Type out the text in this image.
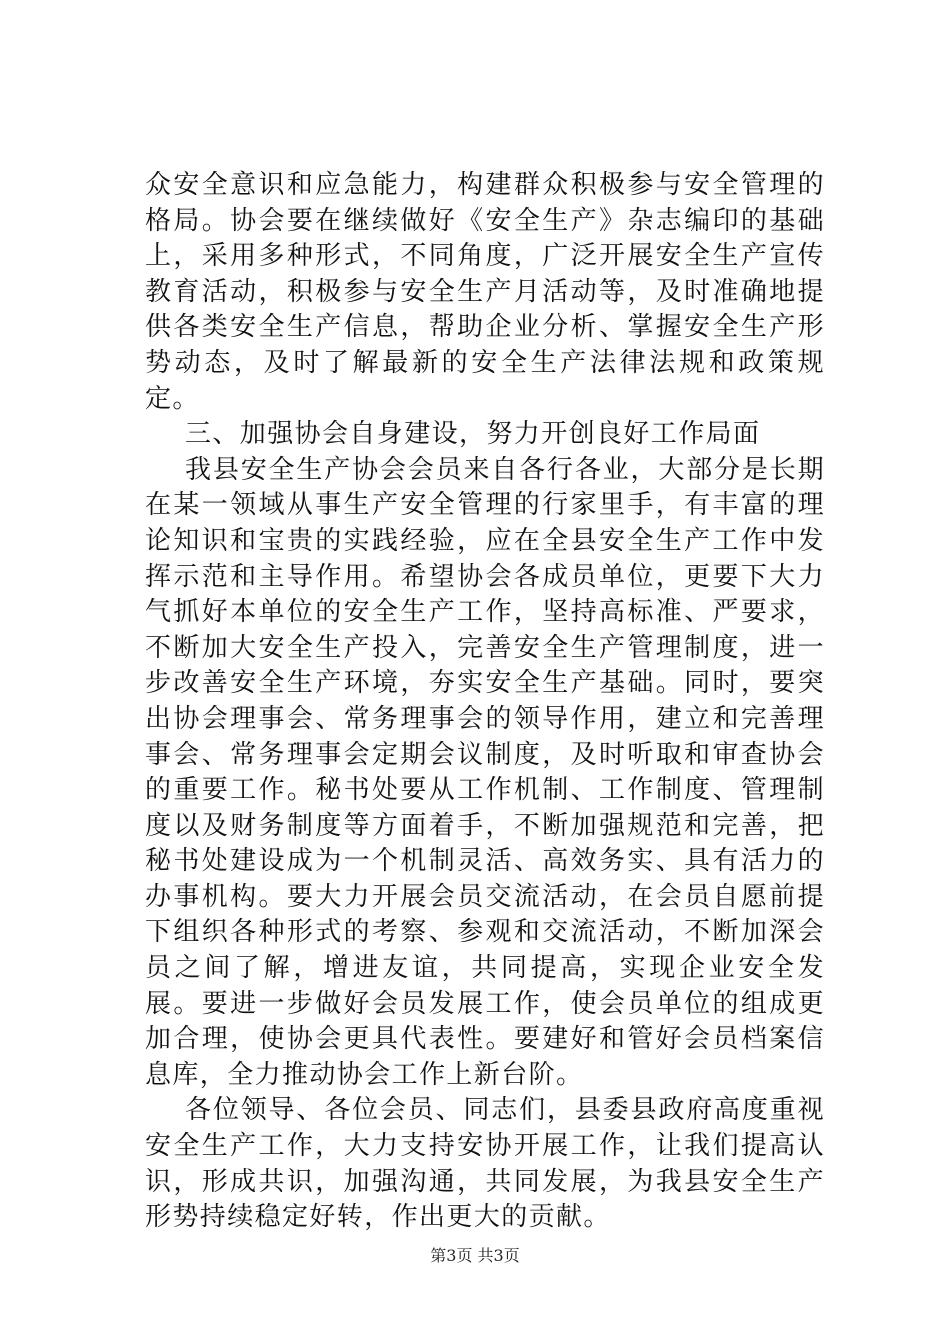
众安全意识和应急能力，构建群众积极参与安全管理的格局。协会要在继续做好《安全生产》杂志编印的基础上，采用多种形式，不同角度，广泛开展安全生产宣传教育活动，积极参与安全生产月活动等，及时准确地提供各类安全生产信息，帮助企业分析、掌握安全生产形势动态，及时了解最新的安全生产法律法规和政策规定。

三、加强协会自身建设，努力开创良好工作局面

我县安全生产协会会员来自各行各业，大部分是长期在某一领域从事生产安全管理的行家里手，有丰富的理论知识和宝贵的实践经验，应在全县安全生产工作中发挥示范和主导作用。希望协会各成员单位，更要下大力气抓好本单位的安全生产工作，坚持高标准、严要求，不断加大安全生产投入，完善安全生产管理制度，进一步改善安全生产环境，夯实安全生产基础。同时，要突出协会理事会、常务理事会的领导作用，建立和完善理事会、常务理事会定期会议制度，及时听取和审查协会的重要工作。秘书处要从工作机制、工作制度、管理制度以及财务制度等方面着手，不断加强规范和完善，把秘书处建设成为一个机制灵活、高效务实、具有活力的办事机构。要大力开展会员交流活动，在会员自愿前提下组织各种形式的考察、参观和交流活动，不断加深会员之间了解，增进友谊，共同提高，实现企业安全发展。要进一步做好会员发展工作，使会员单位的组成更加合理，使协会更具代表性。要建好和管好会员档案信息库，全力推动协会工作上新台阶。

各位领导、各位会员、同志们，县委县政府高度重视安全生产工作，大力支持安协开展工作，让我们提高认识，形成共识，加强沟通，共同发展，为我县安全生产形势持续稳定好转，作出更大的贡献。

第3页 共3页
